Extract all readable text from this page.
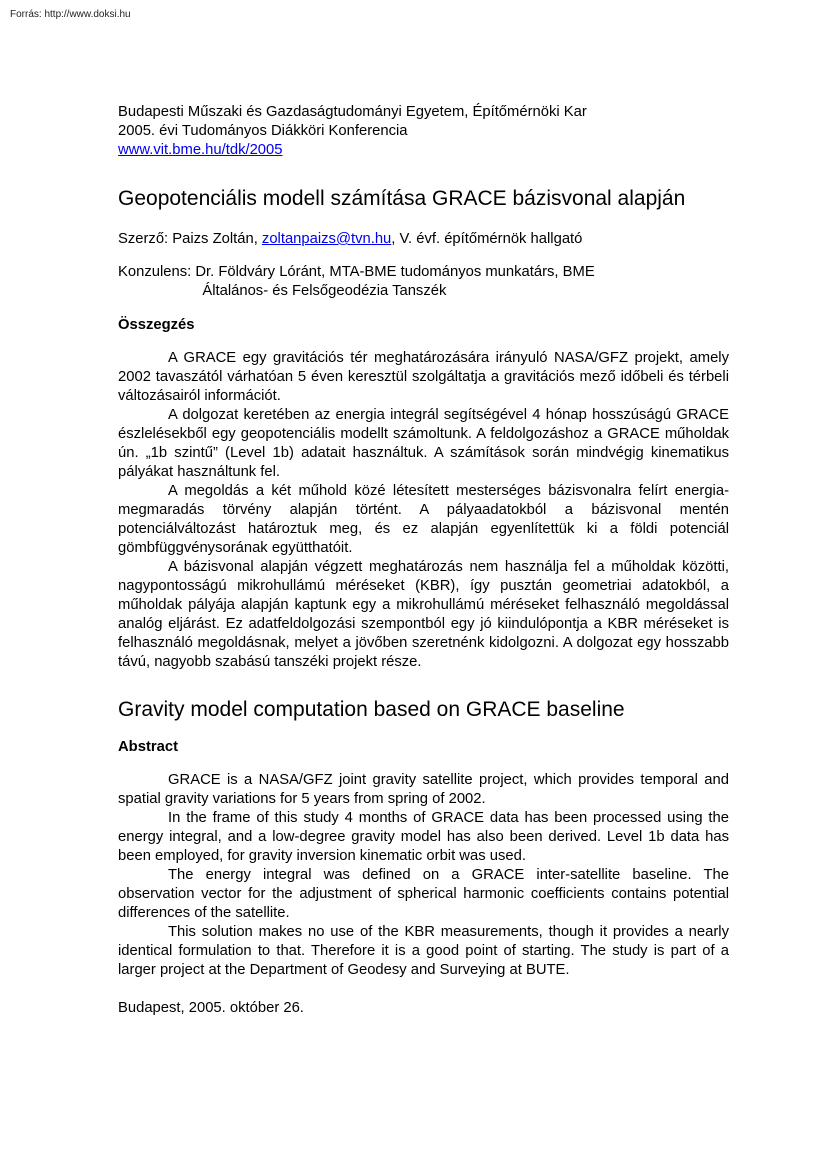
Forrás: http://www.doksi.hu

Budapesti Műszaki és Gazdaságtudományi Egyetem, Építőmérnöki Kar

2005. évi Tudományos Diákköri Konferencia

www.vit.bme.hu/tdk/2005

Geopotenciális modell számítása GRACE bázisvonal alapján

Szerző: Paizs Zoltán, zoltanpaizs@tvn.hu, V. évf. építőmérnök hallgató

Konzulens: Dr. Földváry Lóránt, MTA-BME tudományos munkatárs, BME
Általános- és Felsőgeodézia Tanszék
Összegzés

A GRACE egy gravitációs tér meghatározására irányuló NASA/GFZ projekt, amely 2002 tavaszától várhatóan 5 éven keresztül szolgáltatja a gravitációs mező időbeli és térbeli változásairól információt.

A dolgozat keretében az energia integrál segítségével 4 hónap hosszúságú GRACE észlelésekből egy geopotenciális modellt számoltunk. A feldolgozáshoz a GRACE műholdak ún. „1b szintű” (Level 1b) adatait használtuk. A számítások során mindvégig kinematikus pályákat használtunk fel.

A megoldás a két műhold közé létesített mesterséges bázisvonalra felírt energia-megmaradás törvény alapján történt. A pályaadatokból a bázisvonal mentén potenciálváltozást határoztuk meg, és ez alapján egyenlítettük ki a földi potenciál gömbfüggvénysorának együtthatóit.

A bázisvonal alapján végzett meghatározás nem használja fel a műholdak közötti, nagypontosságú mikrohullámú méréseket (KBR), így pusztán geometriai adatokból, a műholdak pályája alapján kaptunk egy a mikrohullámú méréseket felhasználó megoldással analóg eljárást. Ez adatfeldolgozási szempontból egy jó kiindulópontja a KBR méréseket is felhasználó megoldásnak, melyet a jövőben szeretnénk kidolgozni. A dolgozat egy hosszabb távú, nagyobb szabású tanszéki projekt része.

Gravity model computation based on GRACE baseline
Abstract

GRACE is a NASA/GFZ joint gravity satellite project, which provides temporal and spatial gravity variations for 5 years from spring of 2002.

In the frame of this study 4 months of GRACE data has been processed using the energy integral, and a low-degree gravity model has also been derived. Level 1b data has been employed, for gravity inversion kinematic orbit was used.

The energy integral was defined on a GRACE inter-satellite baseline. The observation vector for the adjustment of spherical harmonic coefficients contains potential differences of the satellite.

This solution makes no use of the KBR measurements, though it provides a nearly identical formulation to that. Therefore it is a good point of starting. The study is part of a larger project at the Department of Geodesy and Surveying at BUTE.

Budapest, 2005. október 26.
